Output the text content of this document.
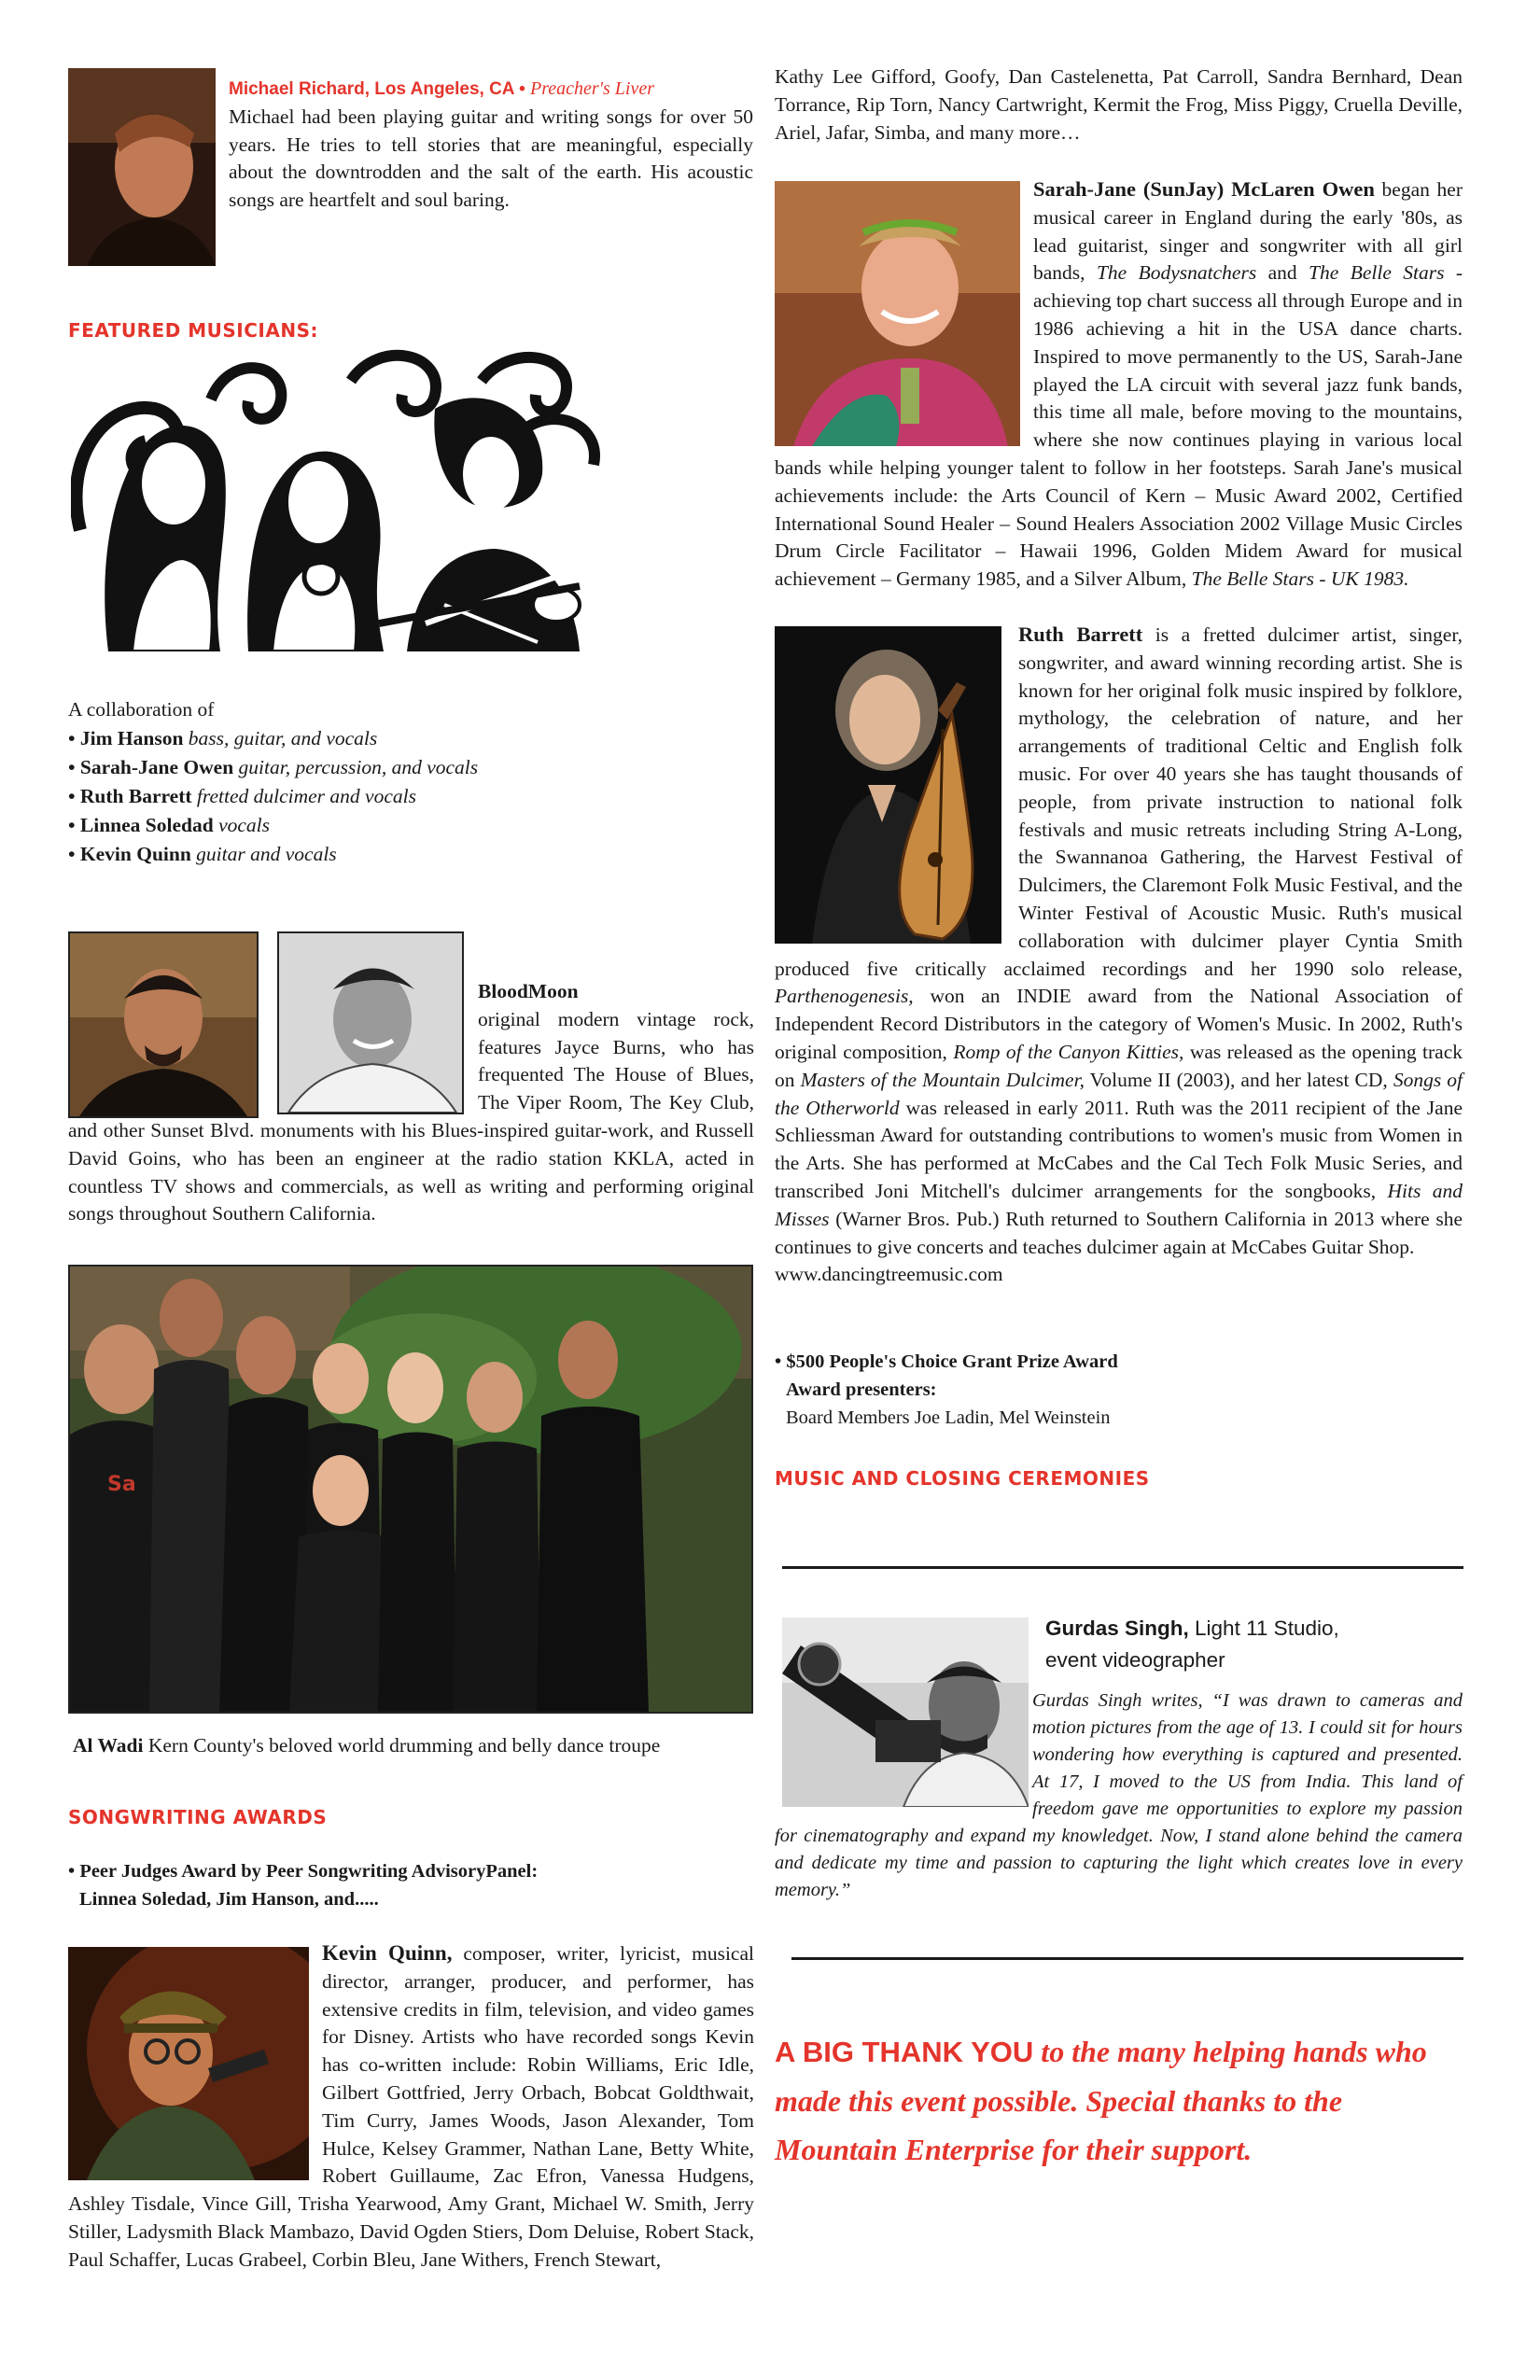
Michael Richard, Los Angeles, CA • Preacher's Liver

Michael had been playing guitar and writing songs for over 50 years. He tries to tell stories that are meaningful, especially about the downtrodden and the salt of the earth. His acoustic songs are heartfelt and soul baring.

FEATURED MUSICIANS:
A collaboration of
• Jim Hanson bass, guitar, and vocals
• Sarah-Jane Owen guitar, percussion, and vocals
• Ruth Barrett fretted dulcimer and vocals
• Linnea Soledad vocals
• Kevin Quinn guitar and vocals

BloodMoon

original modern vintage rock, features Jayce Burns, who has frequented The House of Blues, The Viper Room, The Key Club, and other Sunset Blvd. monuments with his Blues-inspired guitar-work, and Russell David Goins, who has been an engineer at the radio station KKLA, acted in countless TV shows and commercials, as well as writing and performing original songs throughout Southern California.

Sa
Al Wadi Kern County's beloved world drumming and belly dance troupe
SONGWRITING AWARDS
• Peer Judges Award by Peer Songwriting AdvisoryPanel:
Linnea Soledad, Jim Hanson, and.....

Kevin Quinn, composer, writer, lyricist, musical director, arranger, producer, and performer, has extensive credits in film, television, and video games for Disney. Artists who have recorded songs Kevin has co-written include: Robin Williams, Eric Idle, Gilbert Gottfried, Jerry Orbach, Bobcat Goldthwait, Tim Curry, James Woods, Jason Alexander, Tom Hulce, Kelsey Grammer, Nathan Lane, Betty White, Robert Guillaume, Zac Efron, Vanessa Hudgens, Ashley Tisdale, Vince Gill, Trisha Yearwood, Amy Grant, Michael W. Smith, Jerry Stiller, Ladysmith Black Mambazo, David Ogden Stiers, Dom Deluise, Robert Stack, Paul Schaffer, Lucas Grabeel, Corbin Bleu, Jane Withers, French Stewart,

Kathy Lee Gifford, Goofy, Dan Castelenetta, Pat Carroll, Sandra Bernhard, Dean Torrance, Rip Torn, Nancy Cartwright, Kermit the Frog, Miss Piggy, Cruella Deville, Ariel, Jafar, Simba, and many more…

Sarah-Jane (SunJay) McLaren Owen began her musical career in England during the early '80s, as lead guitarist, singer and songwriter with all girl bands, The Bodysnatchers and The Belle Stars - achieving top chart success all through Europe and in 1986 achieving a hit in the USA dance charts. Inspired to move permanently to the US, Sarah-Jane played the LA circuit with several jazz funk bands, this time all male, before moving to the mountains, where she now continues playing in various local bands while helping younger talent to follow in her footsteps. Sarah Jane's musical achievements include: the Arts Council of Kern – Music Award 2002, Certified International Sound Healer – Sound Healers Association 2002 Village Music Circles Drum Circle Facilitator – Hawaii 1996, Golden Midem Award for musical achievement – Germany 1985, and a Silver Album, The Belle Stars - UK 1983.

Ruth Barrett is a fretted dulcimer artist, singer, songwriter, and award winning recording artist. She is known for her original folk music inspired by folklore, mythology, the celebration of nature, and her arrangements of traditional Celtic and English folk music. For over 40 years she has taught thousands of people, from private instruction to national folk festivals and music retreats including String A-Long, the Swannanoa Gathering, the Harvest Festival of Dulcimers, the Claremont Folk Music Festival, and the Winter Festival of Acoustic Music. Ruth's musical collaboration with dulcimer player Cyntia Smith produced five critically acclaimed recordings and her 1990 solo release, Parthenogenesis, won an INDIE award from the National Association of Independent Record Distributors in the category of Women's Music. In 2002, Ruth's original composition, Romp of the Canyon Kitties, was released as the opening track on Masters of the Mountain Dulcimer, Volume II (2003), and her latest CD, Songs of the Otherworld was released in early 2011. Ruth was the 2011 recipient of the Jane Schliessman Award for outstanding contributions to women's music from Women in the Arts. She has performed at McCabes and the Cal Tech Folk Music Series, and transcribed Joni Mitchell's dulcimer arrangements for the songbooks, Hits and Misses (Warner Bros. Pub.) Ruth returned to Southern California in 2013 where she continues to give concerts and teaches dulcimer again at McCabes Guitar Shop.

www.dancingtreemusic.com

• $500 People's Choice Grant Prize Award
Award presenters:
Board Members Joe Ladin, Mel Weinstein
MUSIC AND CLOSING CEREMONIES
Gurdas Singh, Light 11 Studio,
event videographer

Gurdas Singh writes, “I was drawn to cameras and motion pictures from the age of 13. I could sit for hours wondering how everything is captured and presented. At 17, I moved to the US from India. This land of freedom gave me opportunities to explore my passion for cinematography and expand my knowledget. Now, I stand alone behind the camera and dedicate my time and passion to capturing the light which creates love in every memory.”

A BIG THANK YOU to the many helping hands who made this event possible. Special thanks to the Mountain Enterprise for their support.
